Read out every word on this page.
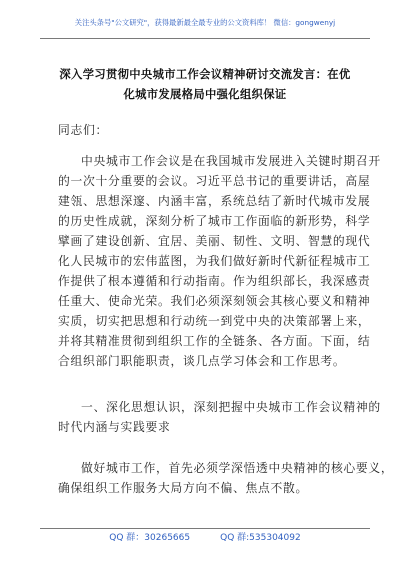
关注头条号"公文研究"，获得最新最全最专业的公文资料库！ 微信：gongwenyj
深入学习贯彻中央城市工作会议精神研讨交流发言：在优
化城市发展格局中强化组织保证

同志们：

中央城市工作会议是在我国城市发展进入关键时期召开
的一次十分重要的会议。习近平总书记的重要讲话，高屋
建瓴、思想深邃、内涵丰富，系统总结了新时代城市发展
的历史性成就，深刻分析了城市工作面临的新形势，科学
擘画了建设创新、宜居、美丽、韧性、文明、智慧的现代
化人民城市的宏伟蓝图，为我们做好新时代新征程城市工
作提供了根本遵循和行动指南。作为组织部长，我深感责
任重大、使命光荣。我们必须深刻领会其核心要义和精神
实质，切实把思想和行动统一到党中央的决策部署上来，
并将其精准贯彻到组织工作的全链条、各方面。下面，结
合组织部门职能职责，谈几点学习体会和工作思考。

一、深化思想认识，深刻把握中央城市工作会议精神的
时代内涵与实践要求

做好城市工作，首先必须学深悟透中央精神的核心要义，
确保组织工作服务大局方向不偏、焦点不散。

QQ 群：30265665	QQ 群:535304092
